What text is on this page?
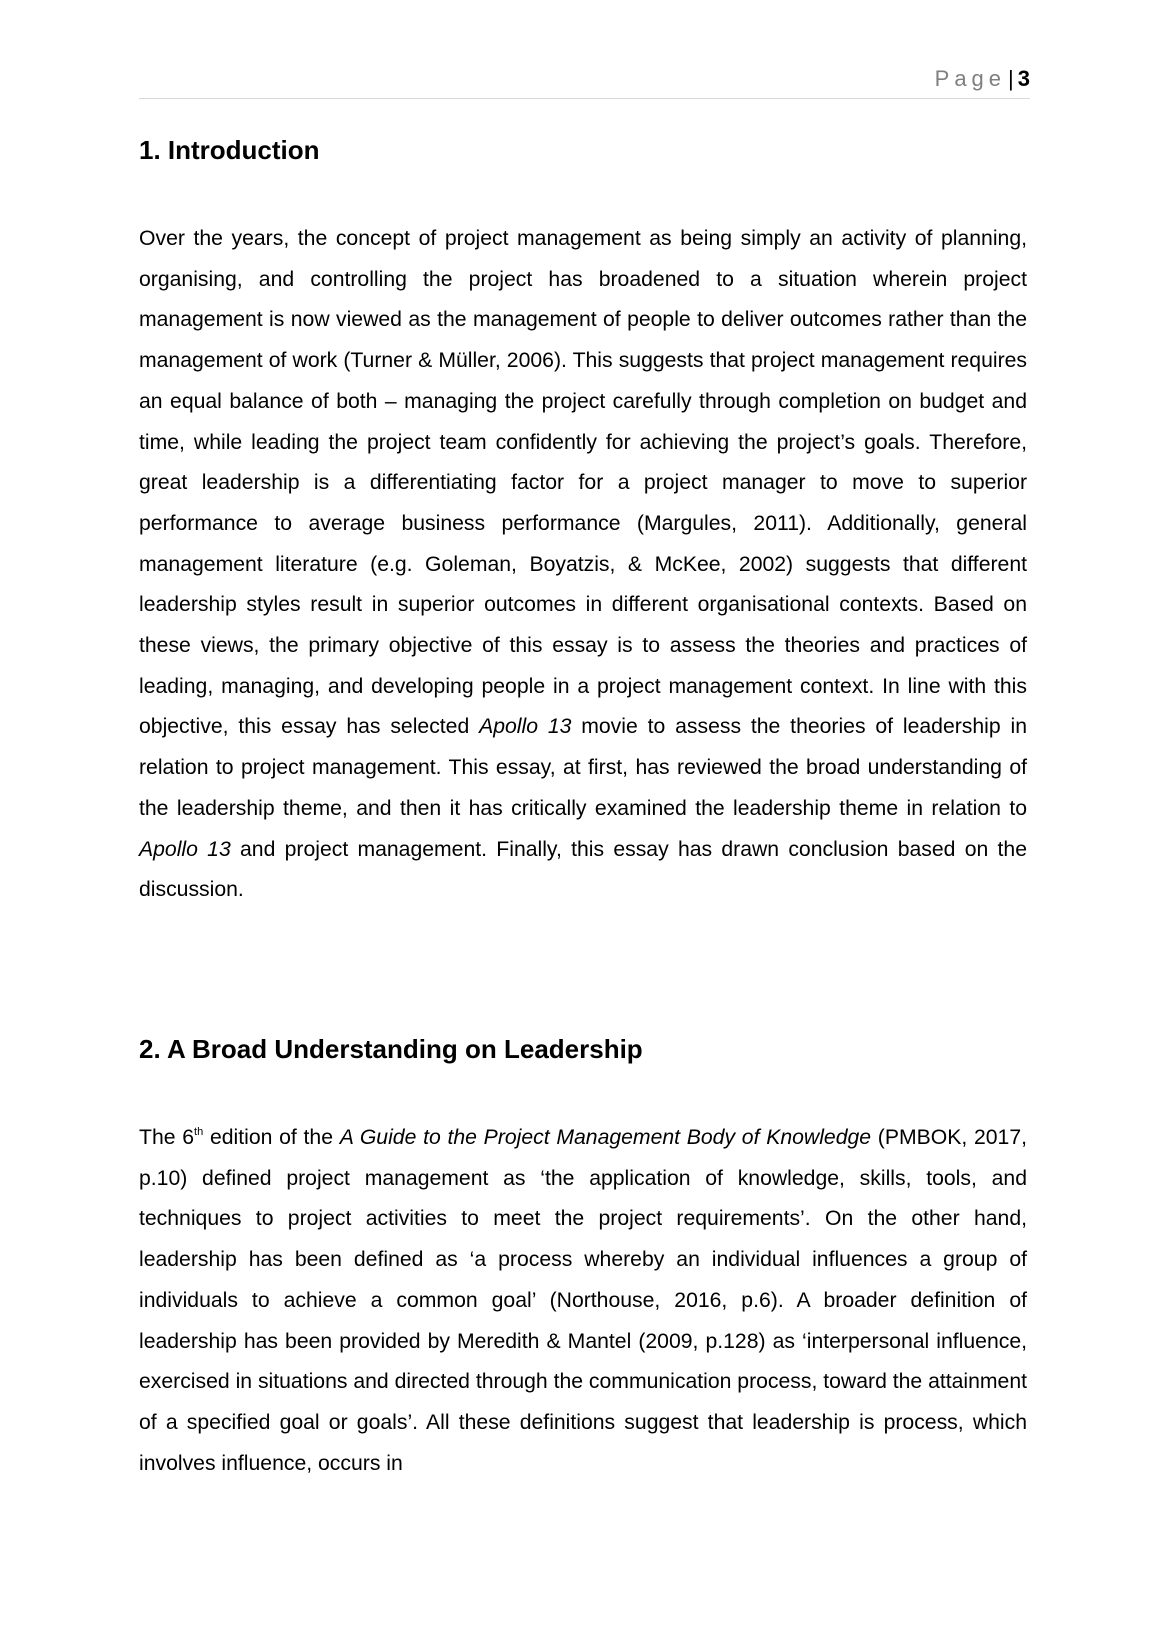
Page| 3
1. Introduction

Over the years, the concept of project management as being simply an activity of planning, organising, and controlling the project has broadened to a situation wherein project management is now viewed as the management of people to deliver outcomes rather than the management of work (Turner & Müller, 2006). This suggests that project management requires an equal balance of both – managing the project carefully through completion on budget and time, while leading the project team confidently for achieving the project’s goals. Therefore, great leadership is a differentiating factor for a project manager to move to superior performance to average business performance (Margules, 2011). Additionally, general management literature (e.g. Goleman, Boyatzis, & McKee, 2002) suggests that different leadership styles result in superior outcomes in different organisational contexts. Based on these views, the primary objective of this essay is to assess the theories and practices of leading, managing, and developing people in a project management context. In line with this objective, this essay has selected Apollo 13 movie to assess the theories of leadership in relation to project management. This essay, at first, has reviewed the broad understanding of the leadership theme, and then it has critically examined the leadership theme in relation to Apollo 13 and project management. Finally, this essay has drawn conclusion based on the discussion.

2. A Broad Understanding on Leadership

The 6th edition of the A Guide to the Project Management Body of Knowledge (PMBOK, 2017, p.10) defined project management as ‘the application of knowledge, skills, tools, and techniques to project activities to meet the project requirements’. On the other hand, leadership has been defined as ‘a process whereby an individual influences a group of individuals to achieve a common goal’ (Northouse, 2016, p.6). A broader definition of leadership has been provided by Meredith & Mantel (2009, p.128) as ‘interpersonal influence, exercised in situations and directed through the communication process, toward the attainment of a specified goal or goals’. All these definitions suggest that leadership is process, which involves influence, occurs in
